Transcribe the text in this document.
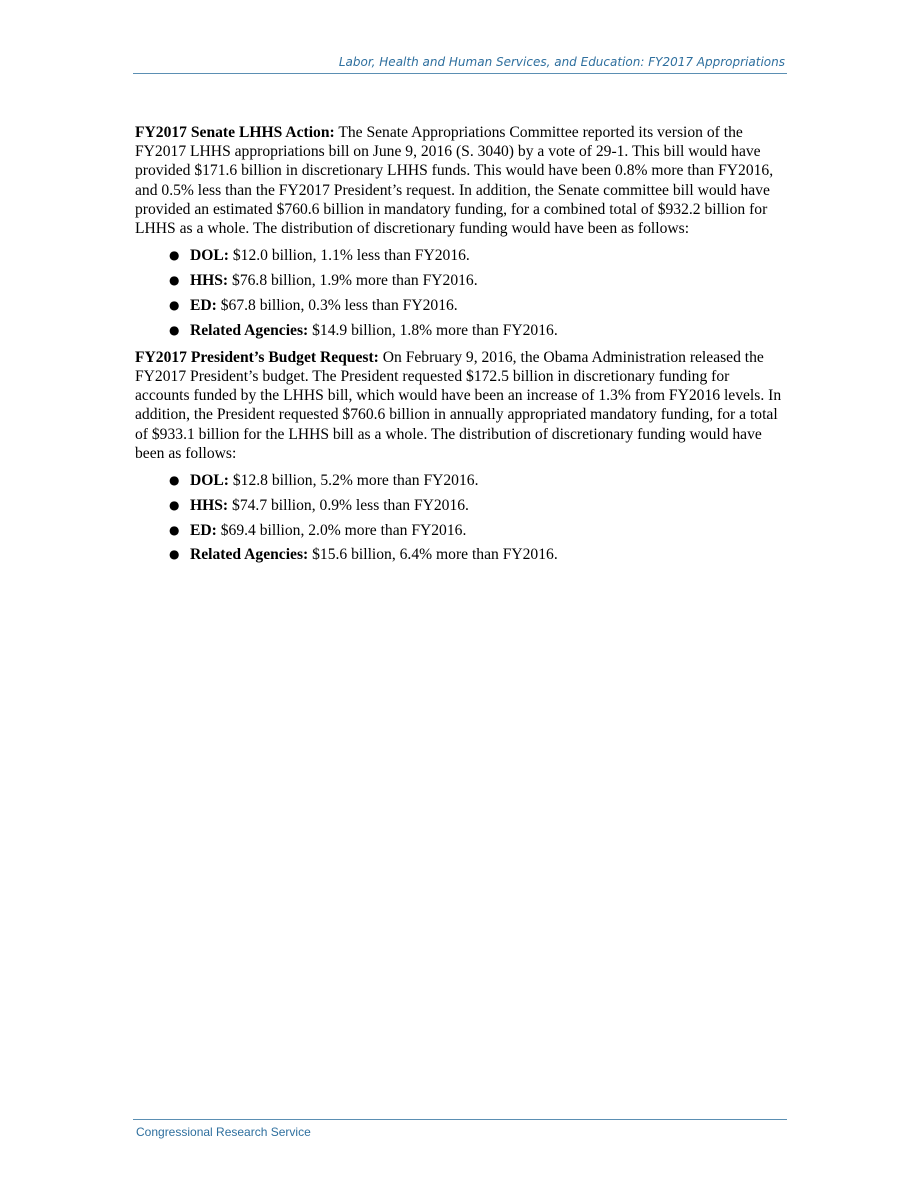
Labor, Health and Human Services, and Education: FY2017 Appropriations

FY2017 Senate LHHS Action: The Senate Appropriations Committee reported its version of the FY2017 LHHS appropriations bill on June 9, 2016 (S. 3040) by a vote of 29-1. This bill would have provided $171.6 billion in discretionary LHHS funds. This would have been 0.8% more than FY2016, and 0.5% less than the FY2017 President’s request. In addition, the Senate committee bill would have provided an estimated $760.6 billion in mandatory funding, for a combined total of $932.2 billion for LHHS as a whole. The distribution of discretionary funding would have been as follows:

● DOL: $12.0 billion, 1.1% less than FY2016.
● HHS: $76.8 billion, 1.9% more than FY2016.
● ED: $67.8 billion, 0.3% less than FY2016.
● Related Agencies: $14.9 billion, 1.8% more than FY2016.

FY2017 President’s Budget Request: On February 9, 2016, the Obama Administration released the FY2017 President’s budget. The President requested $172.5 billion in discretionary funding for accounts funded by the LHHS bill, which would have been an increase of 1.3% from FY2016 levels. In addition, the President requested $760.6 billion in annually appropriated mandatory funding, for a total of $933.1 billion for the LHHS bill as a whole. The distribution of discretionary funding would have been as follows:

● DOL: $12.8 billion, 5.2% more than FY2016.
● HHS: $74.7 billion, 0.9% less than FY2016.
● ED: $69.4 billion, 2.0% more than FY2016.
● Related Agencies: $15.6 billion, 6.4% more than FY2016.
Congressional Research Service
